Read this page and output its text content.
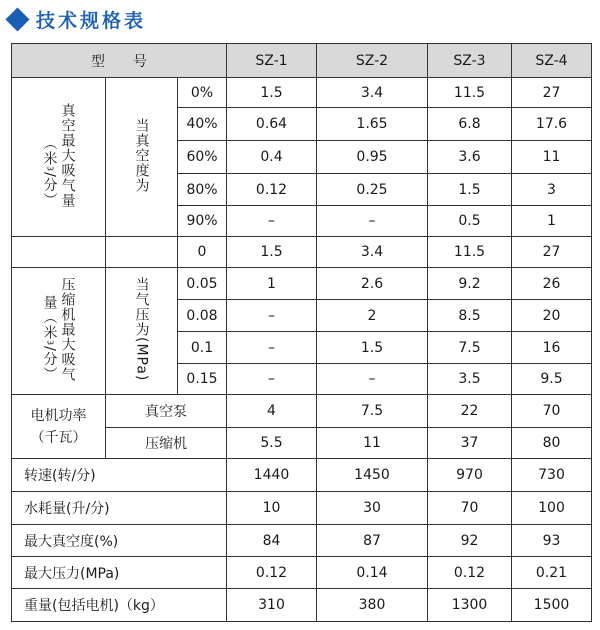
技术规格表
型　　号			SZ-1	SZ-2	SZ-3	SZ-4
（米3/分） 真空最大吸气量	当真空度为	0%	1.5	3.4	11.5	27
		40%	0.64	1.65	6.8	17.6
		60%	0.4	0.95	3.6	11
		80%	0.12	0.25	1.5	3
		90%	–	–	0.5	1
		0	1.5	3.4	11.5	27
量（米3/分） 压缩机最大吸气	当气压为(MPa)	0.05	1	2.6	9.2	26
		0.08	–	2	8.5	20
		0.1	–	1.5	7.5	16
		0.15	–	–	3.5	9.5

电机功率
（千瓦）	真空泵		4	7.5	22	70
	压缩机		5.5	11	37	80
转速(转/分)			1440	1450	970	730
水耗量(升/分)			10	30	70	100
最大真空度(%)			84	87	92	93
最大压力(MPa)			0.12	0.14	0.12	0.21
重量(包括电机)（kg）			310	380	1300	1500
